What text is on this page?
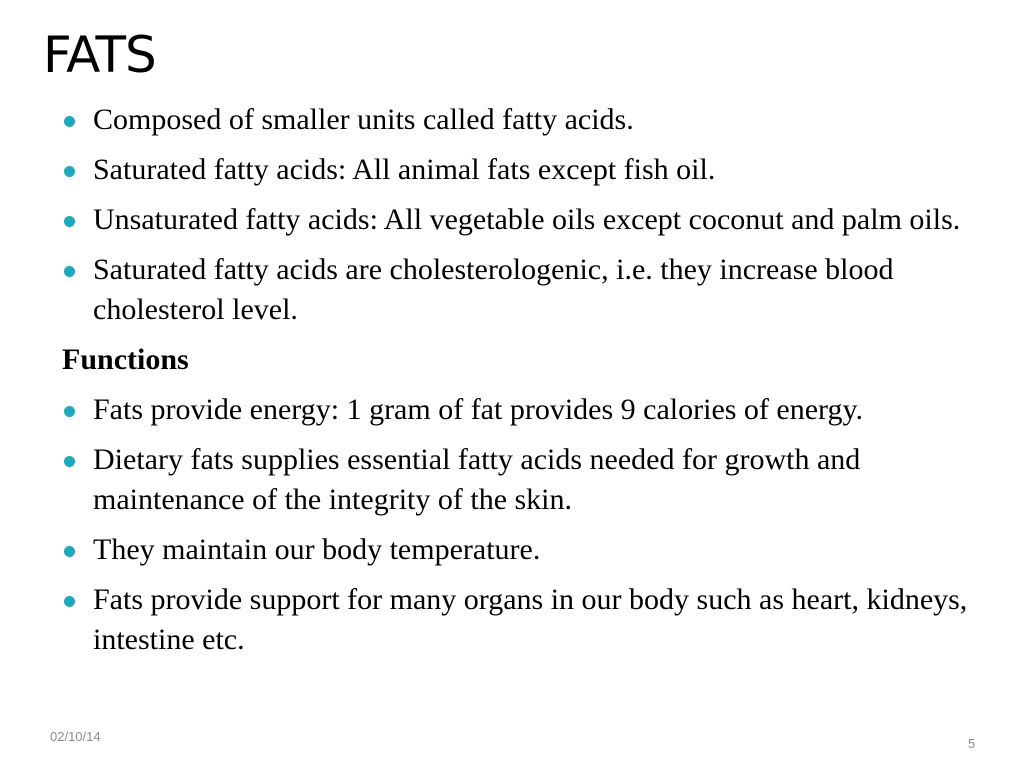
FATS
Composed of smaller units called fatty acids.
Saturated fatty acids: All animal fats except fish oil.
Unsaturated fatty acids: All vegetable oils except coconut and palm oils.
Saturated fatty acids are cholesterologenic, i.e. they increase blood cholesterol level.
Functions
Fats provide energy: 1 gram of fat provides 9 calories of energy.
Dietary fats supplies essential fatty acids needed for growth and maintenance of the integrity of the skin.
They maintain our body temperature.
Fats provide support for many organs in our body such as heart, kidneys, intestine etc.
02/10/14	5
